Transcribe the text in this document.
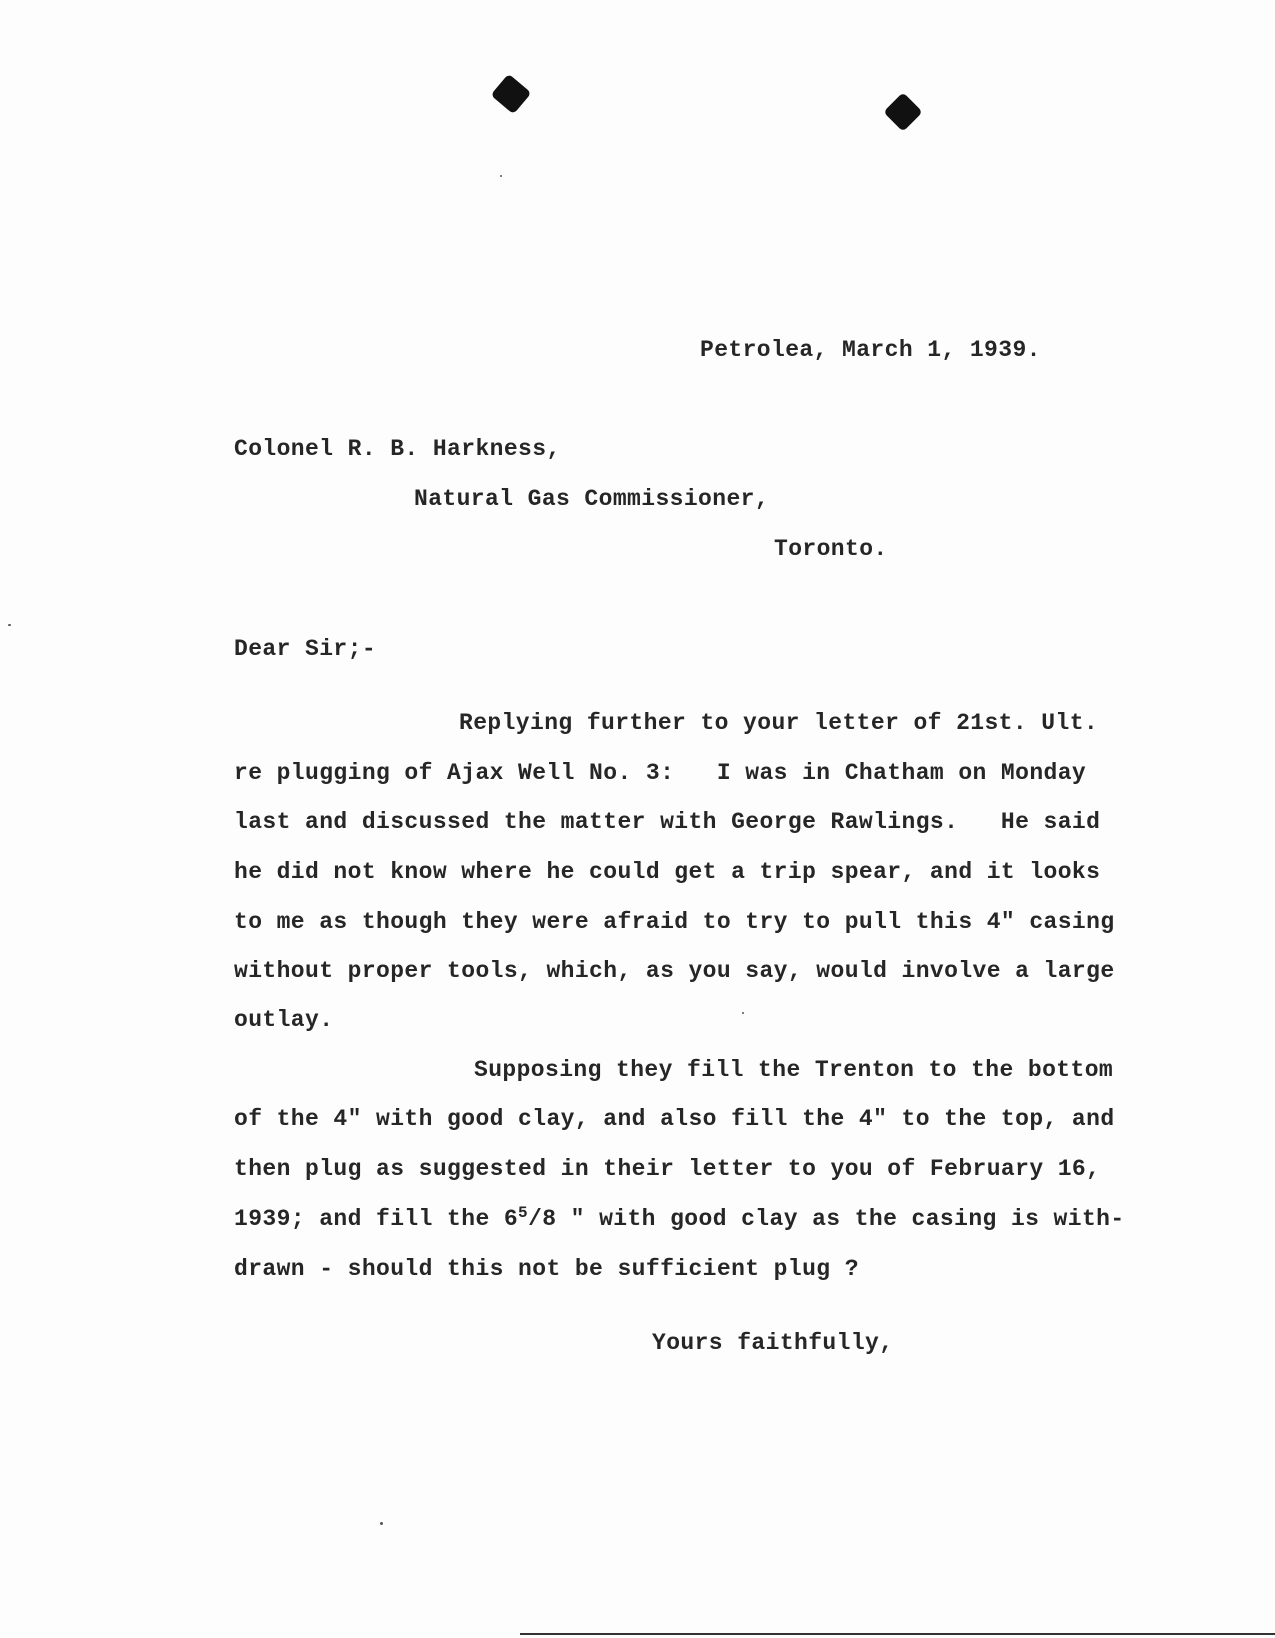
Petrolea, March 1, 1939.
Colonel R. B. Harkness,
Natural Gas Commissioner,
Toronto.
Dear Sir;-
Replying further to your letter of 21st. Ult.
re plugging of Ajax Well No. 3:   I was in Chatham on Monday
last and discussed the matter with George Rawlings.   He said
he did not know where he could get a trip spear, and it looks
to me as though they were afraid to try to pull this 4" casing
without proper tools, which, as you say, would involve a large
outlay.
Supposing they fill the Trenton to the bottom
of the 4" with good clay, and also fill the 4" to the top, and
then plug as suggested in their letter to you of February 16,
1939; and fill the $6^5/8$ " with good clay as the casing is with-
drawn - should this not be sufficient plug ?
Yours faithfully,
